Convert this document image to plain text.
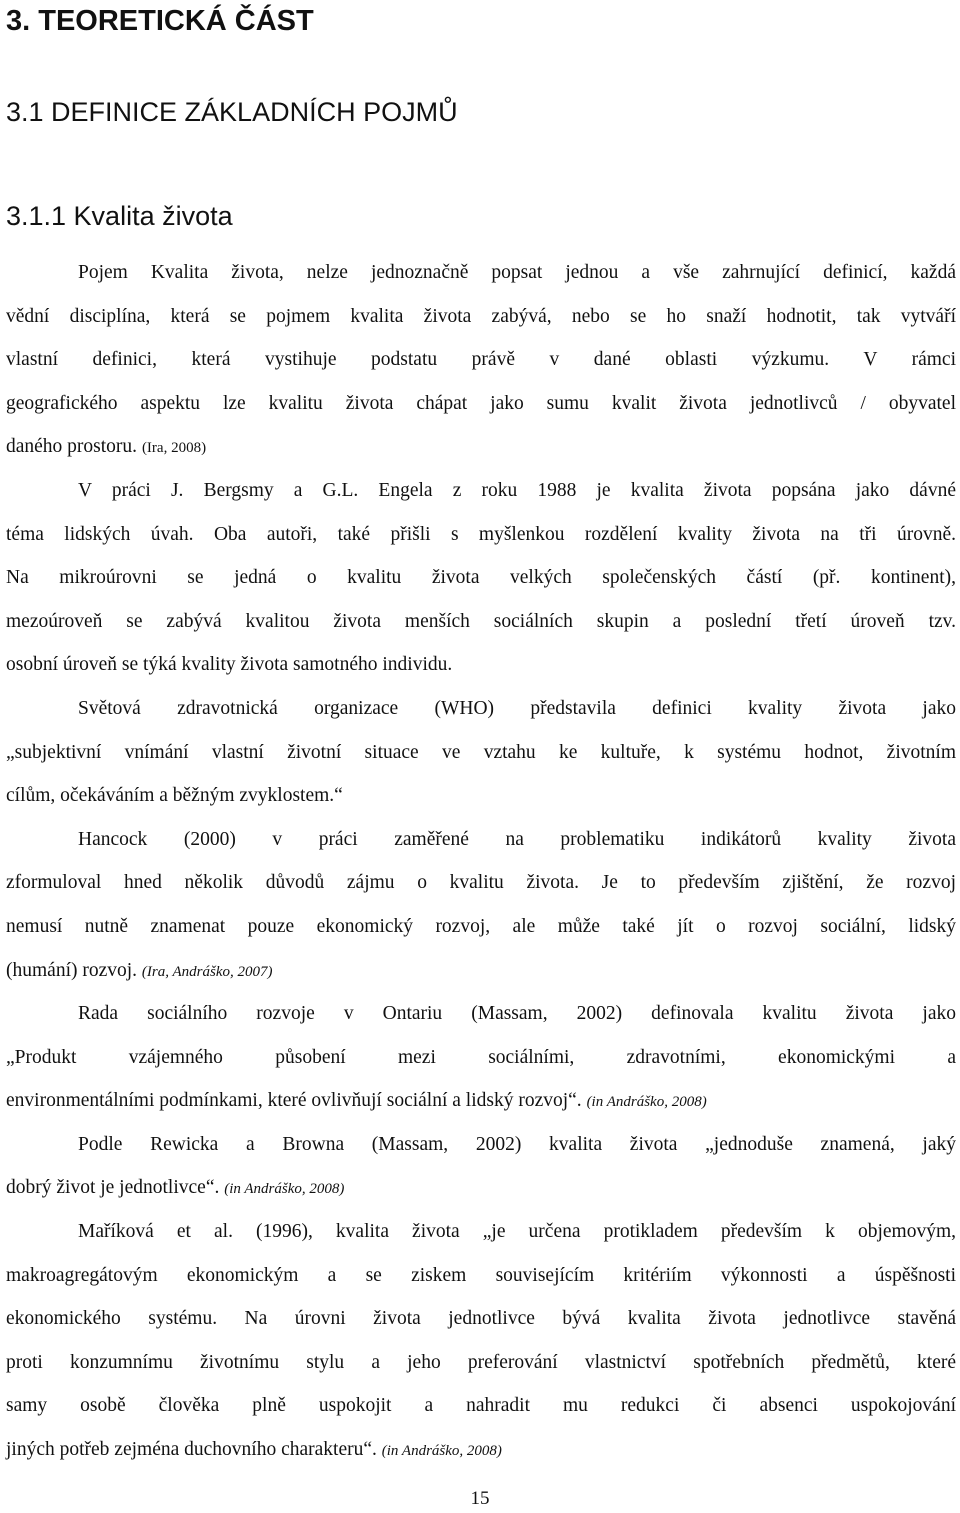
3. TEORETICKÁ ČÁST
3.1 DEFINICE ZÁKLADNÍCH POJMŮ
3.1.1 Kvalita života
Pojem Kvalita života, nelze jednoznačně popsat jednou a vše zahrnující definicí, každá
vědní disciplína, která se pojmem kvalita života zabývá, nebo se ho snaží hodnotit, tak vytváří
vlastní definici, která vystihuje podstatu právě v dané oblasti výzkumu. V rámci
geografického aspektu lze kvalitu života chápat jako sumu kvalit života jednotlivců / obyvatel
daného prostoru. (Ira, 2008)
V práci J. Bergsmy a G.L. Engela z roku 1988 je kvalita života popsána jako dávné
téma lidských úvah. Oba autoři, také přišli s myšlenkou rozdělení kvality života na tři úrovně.
Na mikroúrovni se jedná o kvalitu života velkých společenských částí (př. kontinent),
mezoúroveň se zabývá kvalitou života menších sociálních skupin a poslední třetí úroveň tzv.
osobní úroveň se týká kvality života samotného individu.
Světová zdravotnická organizace (WHO) představila definici kvality života jako
„subjektivní vnímání vlastní životní situace ve vztahu ke kultuře, k systému hodnot, životním
cílům, očekáváním a běžným zvyklostem.“
Hancock (2000) v práci zaměřené na problematiku indikátorů kvality života
zformuloval hned několik důvodů zájmu o kvalitu života. Je to především zjištění, že rozvoj
nemusí nutně znamenat pouze ekonomický rozvoj, ale může také jít o rozvoj sociální, lidský
(humání) rozvoj. (Ira, Andráško, 2007)
Rada sociálního rozvoje v Ontariu (Massam, 2002) definovala kvalitu života jako
„Produkt vzájemného působení mezi sociálními, zdravotními, ekonomickými a
environmentálními podmínkami, které ovlivňují sociální a lidský rozvoj“. (in Andráško, 2008)
Podle Rewicka a Browna (Massam, 2002) kvalita života „jednoduše znamená, jaký
dobrý život je jednotlivce“. (in Andráško, 2008)
Maříková et al. (1996), kvalita života „je určena protikladem především k objemovým,
makroagregátovým ekonomickým a se ziskem souvisejícím kritériím výkonnosti a úspěšnosti
ekonomického systému. Na úrovni života jednotlivce bývá kvalita života jednotlivce stavěná
proti konzumnímu životnímu stylu a jeho preferování vlastnictví spotřebních předmětů, které
samy osobě člověka plně uspokojit a nahradit mu redukci či absenci uspokojování
jiných potřeb zejména duchovního charakteru“. (in Andráško, 2008)
15
